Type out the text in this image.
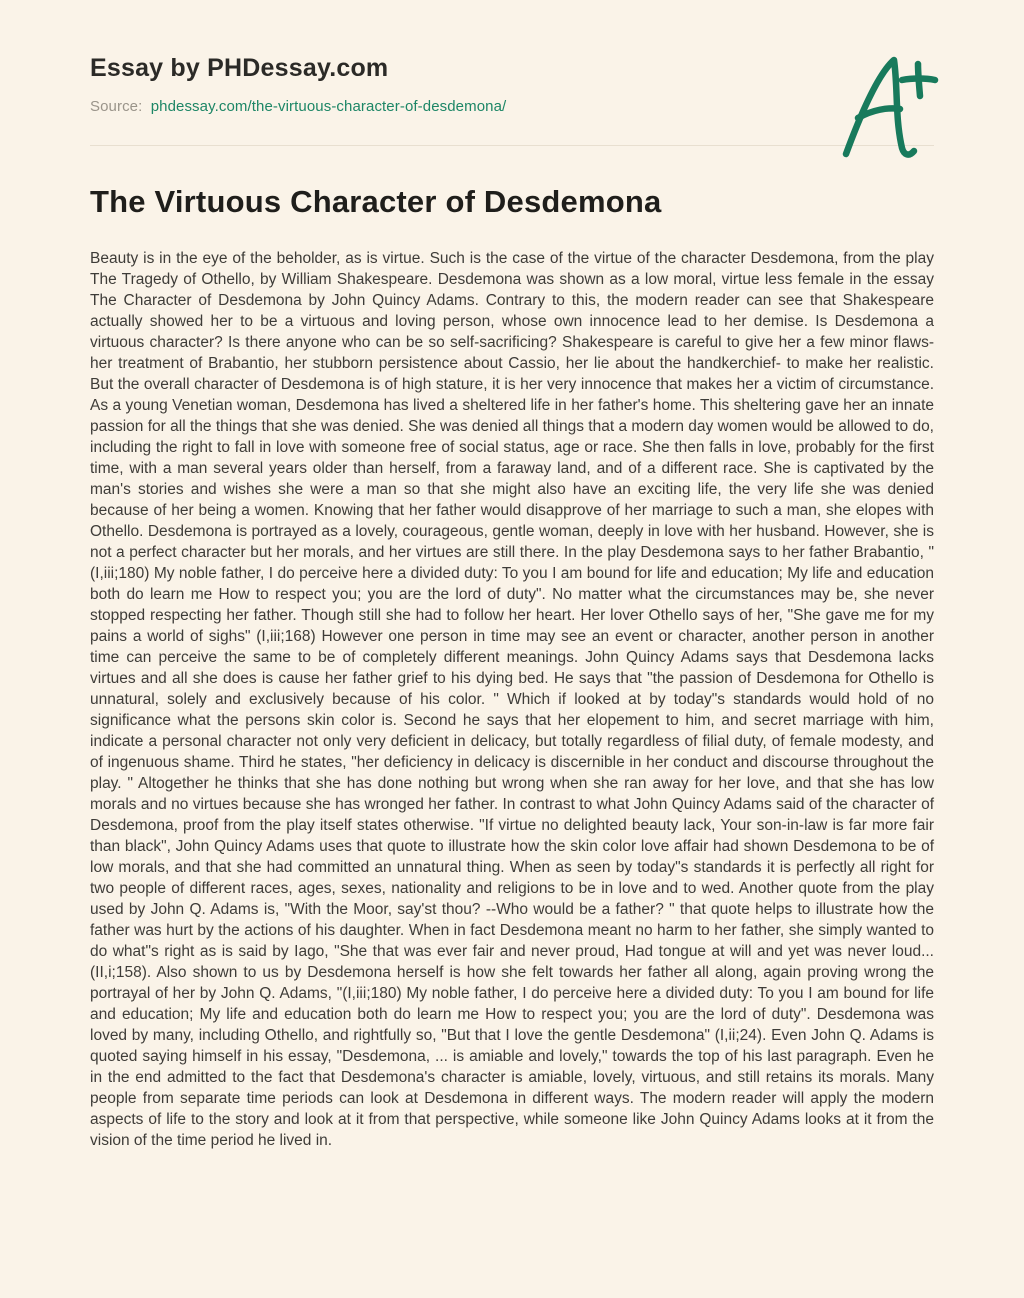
Essay by PHDessay.com
Source: phdessay.com/the-virtuous-character-of-desdemona/
The Virtuous Character of Desdemona

Beauty is in the eye of the beholder, as is virtue. Such is the case of the virtue of the character Desdemona, from the play The Tragedy of Othello, by William Shakespeare. Desdemona was shown as a low moral, virtue less female in the essay The Character of Desdemona by John Quincy Adams. Contrary to this, the modern reader can see that Shakespeare actually showed her to be a virtuous and loving person, whose own innocence lead to her demise. Is Desdemona a virtuous character? Is there anyone who can be so self-sacrificing? Shakespeare is careful to give her a few minor flaws- her treatment of Brabantio, her stubborn persistence about Cassio, her lie about the handkerchief- to make her realistic. But the overall character of Desdemona is of high stature, it is her very innocence that makes her a victim of circumstance. As a young Venetian woman, Desdemona has lived a sheltered life in her father's home. This sheltering gave her an innate passion for all the things that she was denied. She was denied all things that a modern day women would be allowed to do, including the right to fall in love with someone free of social status, age or race. She then falls in love, probably for the first time, with a man several years older than herself, from a faraway land, and of a different race. She is captivated by the man's stories and wishes she were a man so that she might also have an exciting life, the very life she was denied because of her being a women. Knowing that her father would disapprove of her marriage to such a man, she elopes with Othello. Desdemona is portrayed as a lovely, courageous, gentle woman, deeply in love with her husband. However, she is not a perfect character but her morals, and her virtues are still there. In the play Desdemona says to her father Brabantio, "(I,iii;180) My noble father, I do perceive here a divided duty: To you I am bound for life and education; My life and education both do learn me How to respect you; you are the lord of duty". No matter what the circumstances may be, she never stopped respecting her father. Though still she had to follow her heart. Her lover Othello says of her, "She gave me for my pains a world of sighs" (I,iii;168) However one person in time may see an event or character, another person in another time can perceive the same to be of completely different meanings. John Quincy Adams says that Desdemona lacks virtues and all she does is cause her father grief to his dying bed. He says that "the passion of Desdemona for Othello is unnatural, solely and exclusively because of his color. " Which if looked at by today"s standards would hold of no significance what the persons skin color is. Second he says that her elopement to him, and secret marriage with him, indicate a personal character not only very deficient in delicacy, but totally regardless of filial duty, of female modesty, and of ingenuous shame. Third he states, "her deficiency in delicacy is discernible in her conduct and discourse throughout the play. " Altogether he thinks that she has done nothing but wrong when she ran away for her love, and that she has low morals and no virtues because she has wronged her father. In contrast to what John Quincy Adams said of the character of Desdemona, proof from the play itself states otherwise. "If virtue no delighted beauty lack, Your son-in-law is far more fair than black", John Quincy Adams uses that quote to illustrate how the skin color love affair had shown Desdemona to be of low morals, and that she had committed an unnatural thing. When as seen by today"s standards it is perfectly all right for two people of different races, ages, sexes, nationality and religions to be in love and to wed. Another quote from the play used by John Q. Adams is, "With the Moor, say'st thou? --Who would be a father? " that quote helps to illustrate how the father was hurt by the actions of his daughter. When in fact Desdemona meant no harm to her father, she simply wanted to do what"s right as is said by Iago, "She that was ever fair and never proud, Had tongue at will and yet was never loud... (II,i;158). Also shown to us by Desdemona herself is how she felt towards her father all along, again proving wrong the portrayal of her by John Q. Adams, "(I,iii;180) My noble father, I do perceive here a divided duty: To you I am bound for life and education; My life and education both do learn me How to respect you; you are the lord of duty". Desdemona was loved by many, including Othello, and rightfully so, "But that I love the gentle Desdemona" (I,ii;24). Even John Q. Adams is quoted saying himself in his essay, "Desdemona, ... is amiable and lovely," towards the top of his last paragraph. Even he in the end admitted to the fact that Desdemona's character is amiable, lovely, virtuous, and still retains its morals. Many people from separate time periods can look at Desdemona in different ways. The modern reader will apply the modern aspects of life to the story and look at it from that perspective, while someone like John Quincy Adams looks at it from the vision of the time period he lived in.
